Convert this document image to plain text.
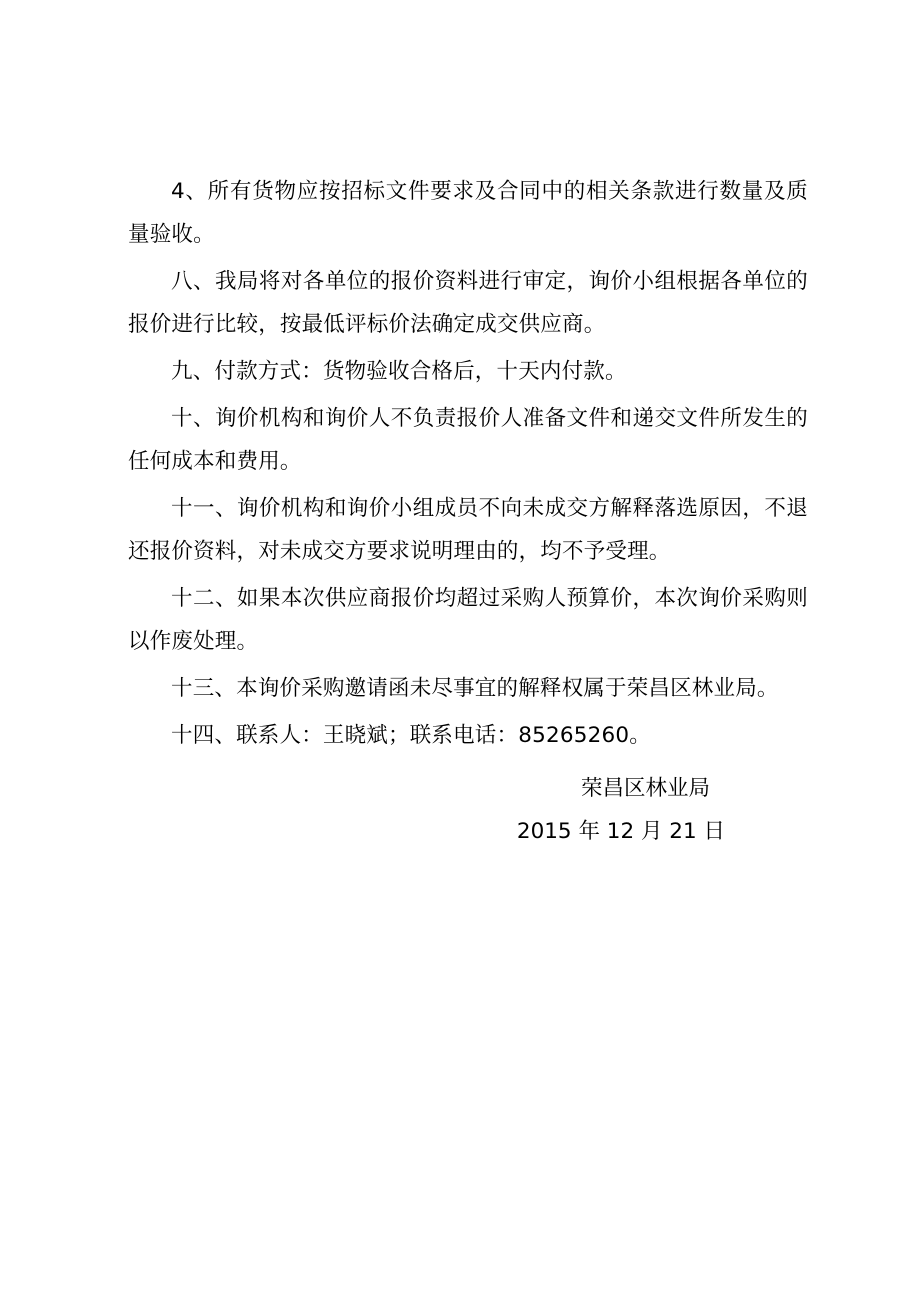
4、所有货物应按招标文件要求及合同中的相关条款进行数量及质量验收。

八、我局将对各单位的报价资料进行审定，询价小组根据各单位的报价进行比较，按最低评标价法确定成交供应商。

九、付款方式：货物验收合格后，十天内付款。

十、询价机构和询价人不负责报价人准备文件和递交文件所发生的任何成本和费用。

十一、询价机构和询价小组成员不向未成交方解释落选原因，不退还报价资料，对未成交方要求说明理由的，均不予受理。

十二、如果本次供应商报价均超过采购人预算价，本次询价采购则以作废处理。

十三、本询价采购邀请函未尽事宜的解释权属于荣昌区林业局。

十四、联系人：王晓斌；联系电话：85265260。

荣昌区林业局
2015 年 12 月 21 日
